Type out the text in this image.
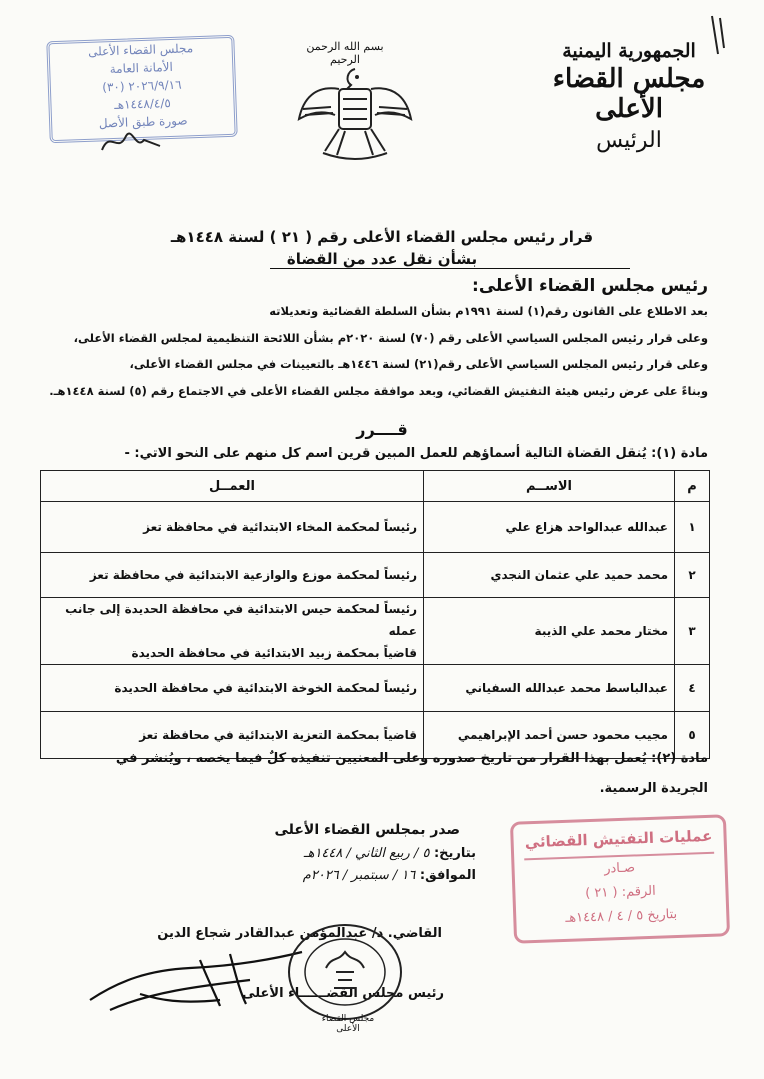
الجمهورية اليمنية
مجلس القضاء الأعلى
الرئيس
بسم الله الرحمن الرحيم
مجلس القضاء الأعلى
الأمانة العامة
٢٠٢٦/٩/١٦ (٣٠)
١٤٤٨/٤/٥هـ
صورة طبق الأصل
قرار رئيس مجلس القضاء الأعلى رقم ( ٢١ ) لسنة ١٤٤٨هـ
بشأن نقل عدد من القضاة
رئيس مجلس القضاء الأعلى:
بعد الاطلاع على القانون رقم(١) لسنة ١٩٩١م بشأن السلطة القضائية وتعديلاته
وعلى قرار رئيس المجلس السياسي الأعلى رقم (٧٠) لسنة ٢٠٢٠م بشأن اللائحة التنظيمية لمجلس القضاء الأعلى،
وعلى قرار رئيس المجلس السياسي الأعلى رقم(٢١) لسنة ١٤٤٦هـ بالتعيينات في مجلس القضاء الأعلى،
وبناءً على عرض رئيس هيئة التفتيش القضائي، وبعد موافقة مجلس القضاء الأعلى في الاجتماع رقم (٥) لسنة ١٤٤٨هـ.
قــــرر
مادة (١): يُنقل القضاة التالية أسماؤهم للعمل المبين قرين اسم كل منهم على النحو الاتي: -
م	الاســم	العمــل
١	عبدالله عبدالواحد هزاع علي	رئيساً لمحكمة المخاء الابتدائية في محافظة تعز

٢	محمد حميد علي عثمان النجدي	رئيساً لمحكمة موزع والوازعية الابتدائية في محافظة تعز

٣	مختار محمد علي الذيبة	رئيساً لمحكمة حيس الابتدائية في محافظة الحديدة إلى جانب عمله
قاضياً بمحكمة زبيد الابتدائية في محافظة الحديدة

٤	عبدالباسط محمد عبدالله السفياني	رئيساً لمحكمة الخوخة الابتدائية في محافظة الحديدة

٥	مجيب محمود حسن أحمد الإبراهيمي	قاضياً بمحكمة التعزية الابتدائية في محافظة تعز
مادة (٢): يُعمل بهذا القرار من تاريخ صدوره وعلى المعنيين تنفيذه كلٌ فيما يخصه ، ويُنشر في
الجريدة الرسمية.
صدر بمجلس القضاء الأعلى
بتاريخ: ٥ / ربيع الثاني / ١٤٤٨هـ
الموافق: ١٦ / سبتمبر / ٢٠٢٦م
عمليات التفتيش القضائي
صـادر
الرقم: ( ٢١ )
بتاريخ ٥ / ٤ / ١٤٤٨هـ
القاضي. د/ عبدالمؤمن عبدالقادر شجاع الدين
رئيس مجلس القضــــــاء الأعلى
مجلس القضاء الأعلى
